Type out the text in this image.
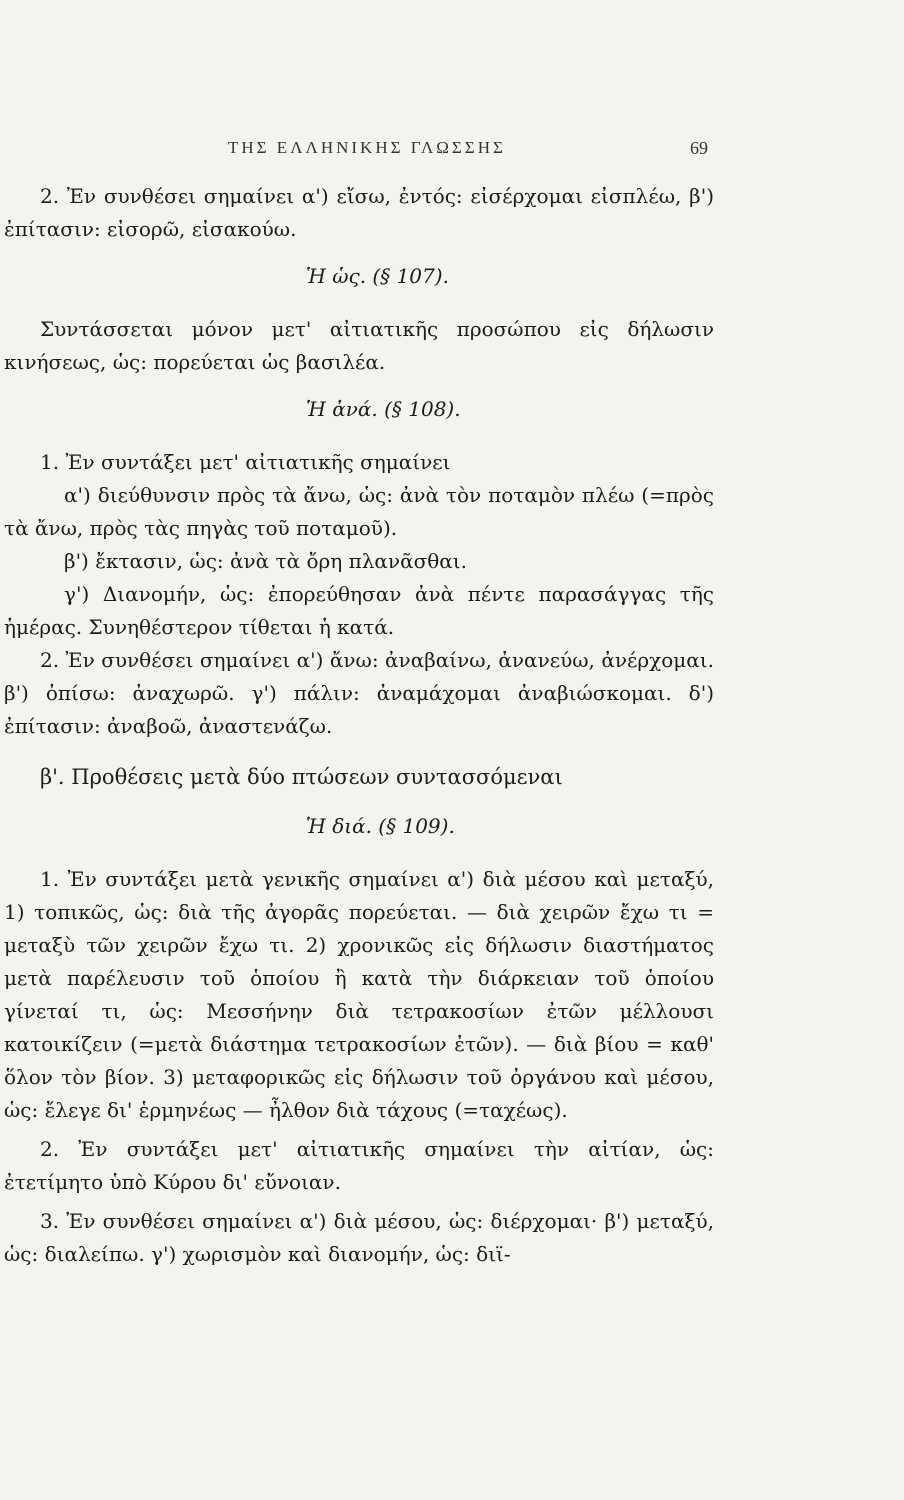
ΤΗΣ ΕΛΛΗΝΙΚΗΣ ΓΛΩΣΣΗΣ	69

2. Ἐν συνθέσει σημαίνει α') εἴσω, ἐντός: εἰσέρχομαι εἰσπλέω, β') ἐπίτασιν: εἰσορῶ, εἰσακούω.

Ἡ ὡς. (§ 107).

Συντάσσεται μόνον μετ' αἰτιατικῆς προσώπου εἰς δήλωσιν κινήσεως, ὡς: πορεύεται ὡς βασιλέα.

Ἡ ἀνά. (§ 108).

1. Ἐν συντάξει μετ' αἰτιατικῆς σημαίνει

α') διεύθυνσιν πρὸς τὰ ἄνω, ὡς: ἀνὰ τὸν ποταμὸν πλέω (=πρὸς τὰ ἄνω, πρὸς τὰς πηγὰς τοῦ ποταμοῦ).

β') ἔκτασιν, ὡς: ἀνὰ τὰ ὄρη πλανᾶσθαι.

γ') Διανομήν, ὡς: ἐπορεύθησαν ἀνὰ πέντε παρασάγγας τῆς ἡμέρας. Συνηθέστερον τίθεται ἡ κατά.

2. Ἐν συνθέσει σημαίνει α') ἄνω: ἀναβαίνω, ἀνανεύω, ἀνέρχομαι. β') ὀπίσω: ἀναχωρῶ. γ') πάλιν: ἀναμάχομαι ἀναβιώσκομαι. δ') ἐπίτασιν: ἀναβοῶ, ἀναστενάζω.

β'. Προθέσεις μετὰ δύο πτώσεων συντασσόμεναι

Ἡ διά. (§ 109).

1. Ἐν συντάξει μετὰ γενικῆς σημαίνει α') διὰ μέσου καὶ μεταξύ, 1) τοπικῶς, ὡς: διὰ τῆς ἀγορᾶς πορεύεται. — διὰ χειρῶν ἔχω τι = μεταξὺ τῶν χειρῶν ἔχω τι. 2) χρονικῶς εἰς δήλωσιν διαστήματος μετὰ παρέλευσιν τοῦ ὁποίου ἢ κατὰ τὴν διάρκειαν τοῦ ὁποίου γίνεταί τι, ὡς: Μεσσήνην διὰ τετρακοσίων ἐτῶν μέλλουσι κατοικίζειν (=μετὰ διάστημα τετρακοσίων ἐτῶν). — διὰ βίου = καθ' ὅλον τὸν βίον. 3) μεταφορικῶς εἰς δήλωσιν τοῦ ὀργάνου καὶ μέσου, ὡς: ἔλεγε δι' ἑρμηνέως — ἦλθον διὰ τάχους (=ταχέως).

2. Ἐν συντάξει μετ' αἰτιατικῆς σημαίνει τὴν αἰτίαν, ὡς: ἐτετίμητο ὑπὸ Κύρου δι' εὔνοιαν.

3. Ἐν συνθέσει σημαίνει α') διὰ μέσου, ὡς: διέρχομαι· β') μεταξύ, ὡς: διαλείπω. γ') χωρισμὸν καὶ διανομήν, ὡς: διϊ-
